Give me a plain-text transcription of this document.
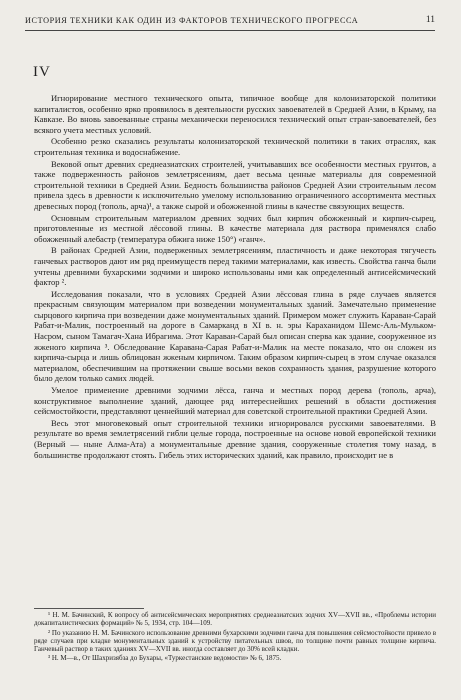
ИСТОРИЯ ТЕХНИКИ КАК ОДИН ИЗ ФАКТОРОВ ТЕХНИЧЕСКОГО ПРОГРЕССА	11
IV

Игнорирование местного технического опыта, типичное вообще для колонизаторской политики капиталистов, особенно ярко проявилось в деятельности русских завоевателей в Средней Азии, в Крыму, на Кавказе. Во вновь завоеванные страны механически переносился технический опыт стран-завоевателей, без всякого учета местных условий.

Особенно резко сказались результаты колонизаторской технической политики в таких отраслях, как строительная техника и водоснабжение.

Вековой опыт древних среднеазиатских строителей, учитывавших все особенности местных грунтов, а также подверженность районов землетрясениям, дает весьма ценные материалы для современной строительной техники в Средней Азии. Бедность большинства районов Средней Азии строительным лесом привела здесь в древности к исключительно умелому использованию ограниченного ассортимента местных древесных пород (тополь, арча)¹, а также сырой и обожженной глины в качестве связующих веществ.

Основным строительным материалом древних зодчих был кирпич обожженный и кирпич-сырец, приготовленные из местной лёссовой глины. В качестве материала для раствора применялся слабо обожженный алебастр (температура обжига ниже 150°) «ганч».

В районах Средней Азии, подверженных землетрясениям, пластичность и даже некоторая тягучесть ганчевых растворов дают им ряд преимуществ перед такими материалами, как известь. Свойства ганча были учтены древними бухарскими зодчими и широко использованы ими как определенный антисейсмический фактор ².

Исследования показали, что в условиях Средней Азии лёссовая глина в ряде случаев является прекрасным связующим материалом при возведении монументальных зданий. Замечательно применение сырцового кирпича при возведении даже монументальных зданий. Примером может служить Караван-Сарай Рабат-и-Малик, построенный на дороге в Самарканд в XI в. н. эры Караханидом Шемс-Аль-Мульком-Насром, сыном Тамагач-Хана Ибрагима. Этот Караван-Сарай был описан сперва как здание, сооруженное из жженого кирпича ³. Обследование Каравана-Сарая Рабат-и-Малик на месте показало, что он сложен из кирпича-сырца и лишь облицован жженым кирпичом. Таким образом кирпич-сырец в этом случае оказался материалом, обеспечившим на протяжении свыше восьми веков сохранность здания, разрушение которого было делом только самих людей.

Умелое применение древними зодчими лёсса, ганча и местных пород дерева (тополь, арча), конструктивное выполнение зданий, дающее ряд интереснейших решений в области достижения сейсмостойкости, представляют ценнейший материал для советской строительной практики Средней Азии.

Весь этот многовековый опыт строительной техники игнорировался русскими завоевателями. В результате во время землетрясений гибли целые города, построенные на основе новой европейской техники (Верный — ныне Алма-Ата) а монументальные древние здания, сооруженные столетия тому назад, в большинстве продолжают стоять. Гибель этих исторических зданий, как правило, происходит не в

¹ Н. М. Бачинский, К вопросу об антисейсмических мероприятиях среднеазиатских зодчих XV—XVII вв., «Проблемы истории докапиталистических формаций» № 5, 1934, стр. 104—109.

² По указанию Н. М. Бачинского использование древними бухарскими зодчими ганча для повышения сейсмостойкости привело в ряде случаев при кладке монументальных зданий к устройству питательных швов, по толщине почти равных толщине кирпича. Ганчевый раствор в таких зданиях XV—XVII вв. иногда составляет до 30% всей кладки.

³ Н. М—в., От Шахризябза до Бухары, «Туркестанские ведомости» № 6, 1875.
